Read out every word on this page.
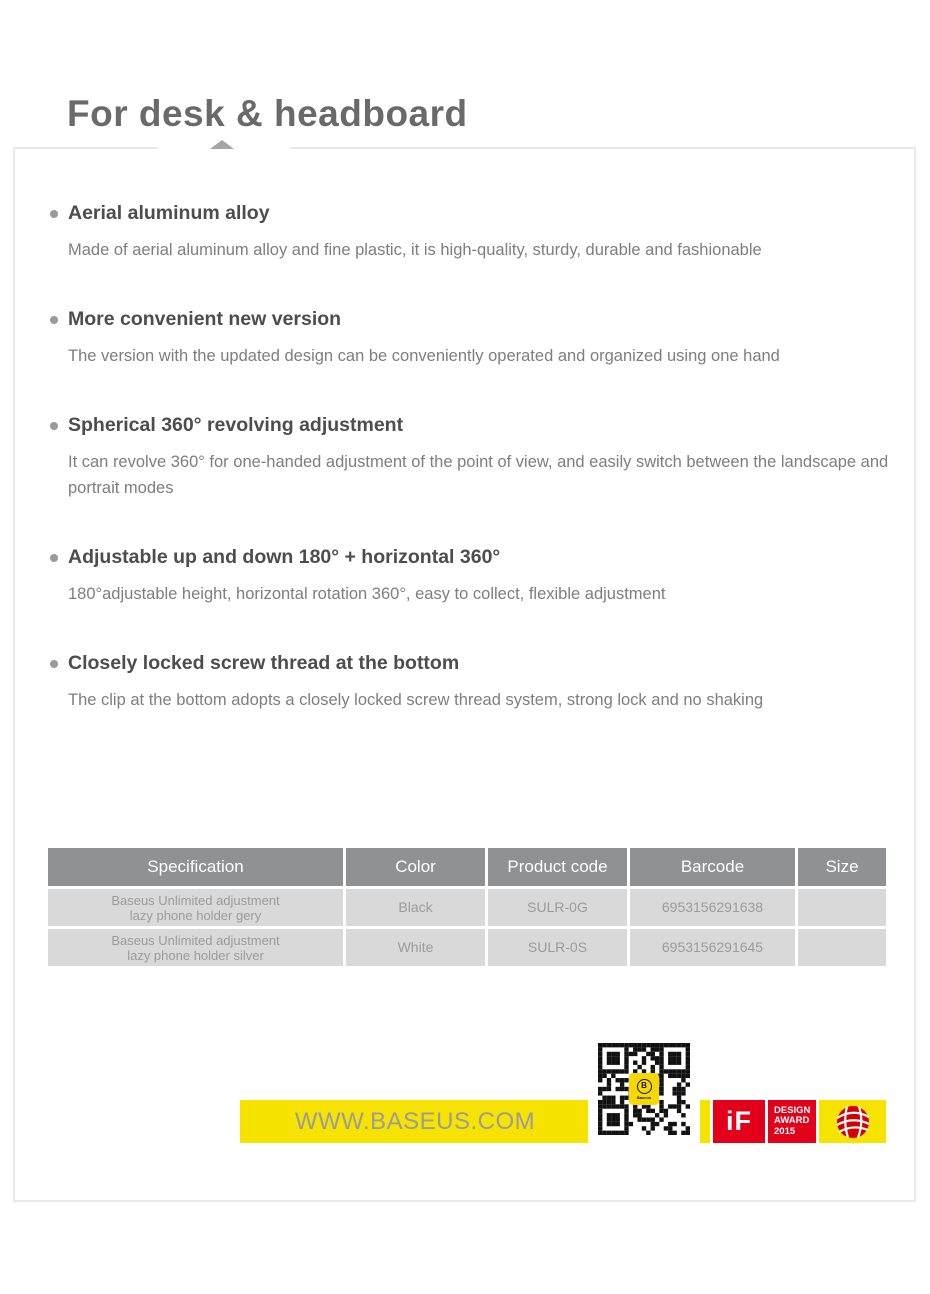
For desk & headboard
Aerial aluminum alloy

Made of aerial aluminum alloy and fine plastic, it is high-quality, sturdy, durable and fashionable

More convenient new version

The version with the updated design can be conveniently operated and organized using one hand

Spherical 360° revolving adjustment

It can revolve 360° for one-handed adjustment of the point of view, and easily switch between the landscape and portrait modes

Adjustable up and down 180° + horizontal 360°

180°adjustable height, horizontal rotation 360°, easy to collect, flexible adjustment

Closely locked screw thread at the bottom

The clip at the bottom adopts a closely locked screw thread system, strong lock and no shaking

Specification	Color	Product code	Barcode	Size
Baseus Unlimited adjustment
lazy phone holder gery	Black	SULR-0G	6953156291638
Baseus Unlimited adjustment
lazy phone holder silver	White	SULR-0S	6953156291645
WWW.BASEUS.COM
B
Baseus
iF DESIGN
AWARD
2015
